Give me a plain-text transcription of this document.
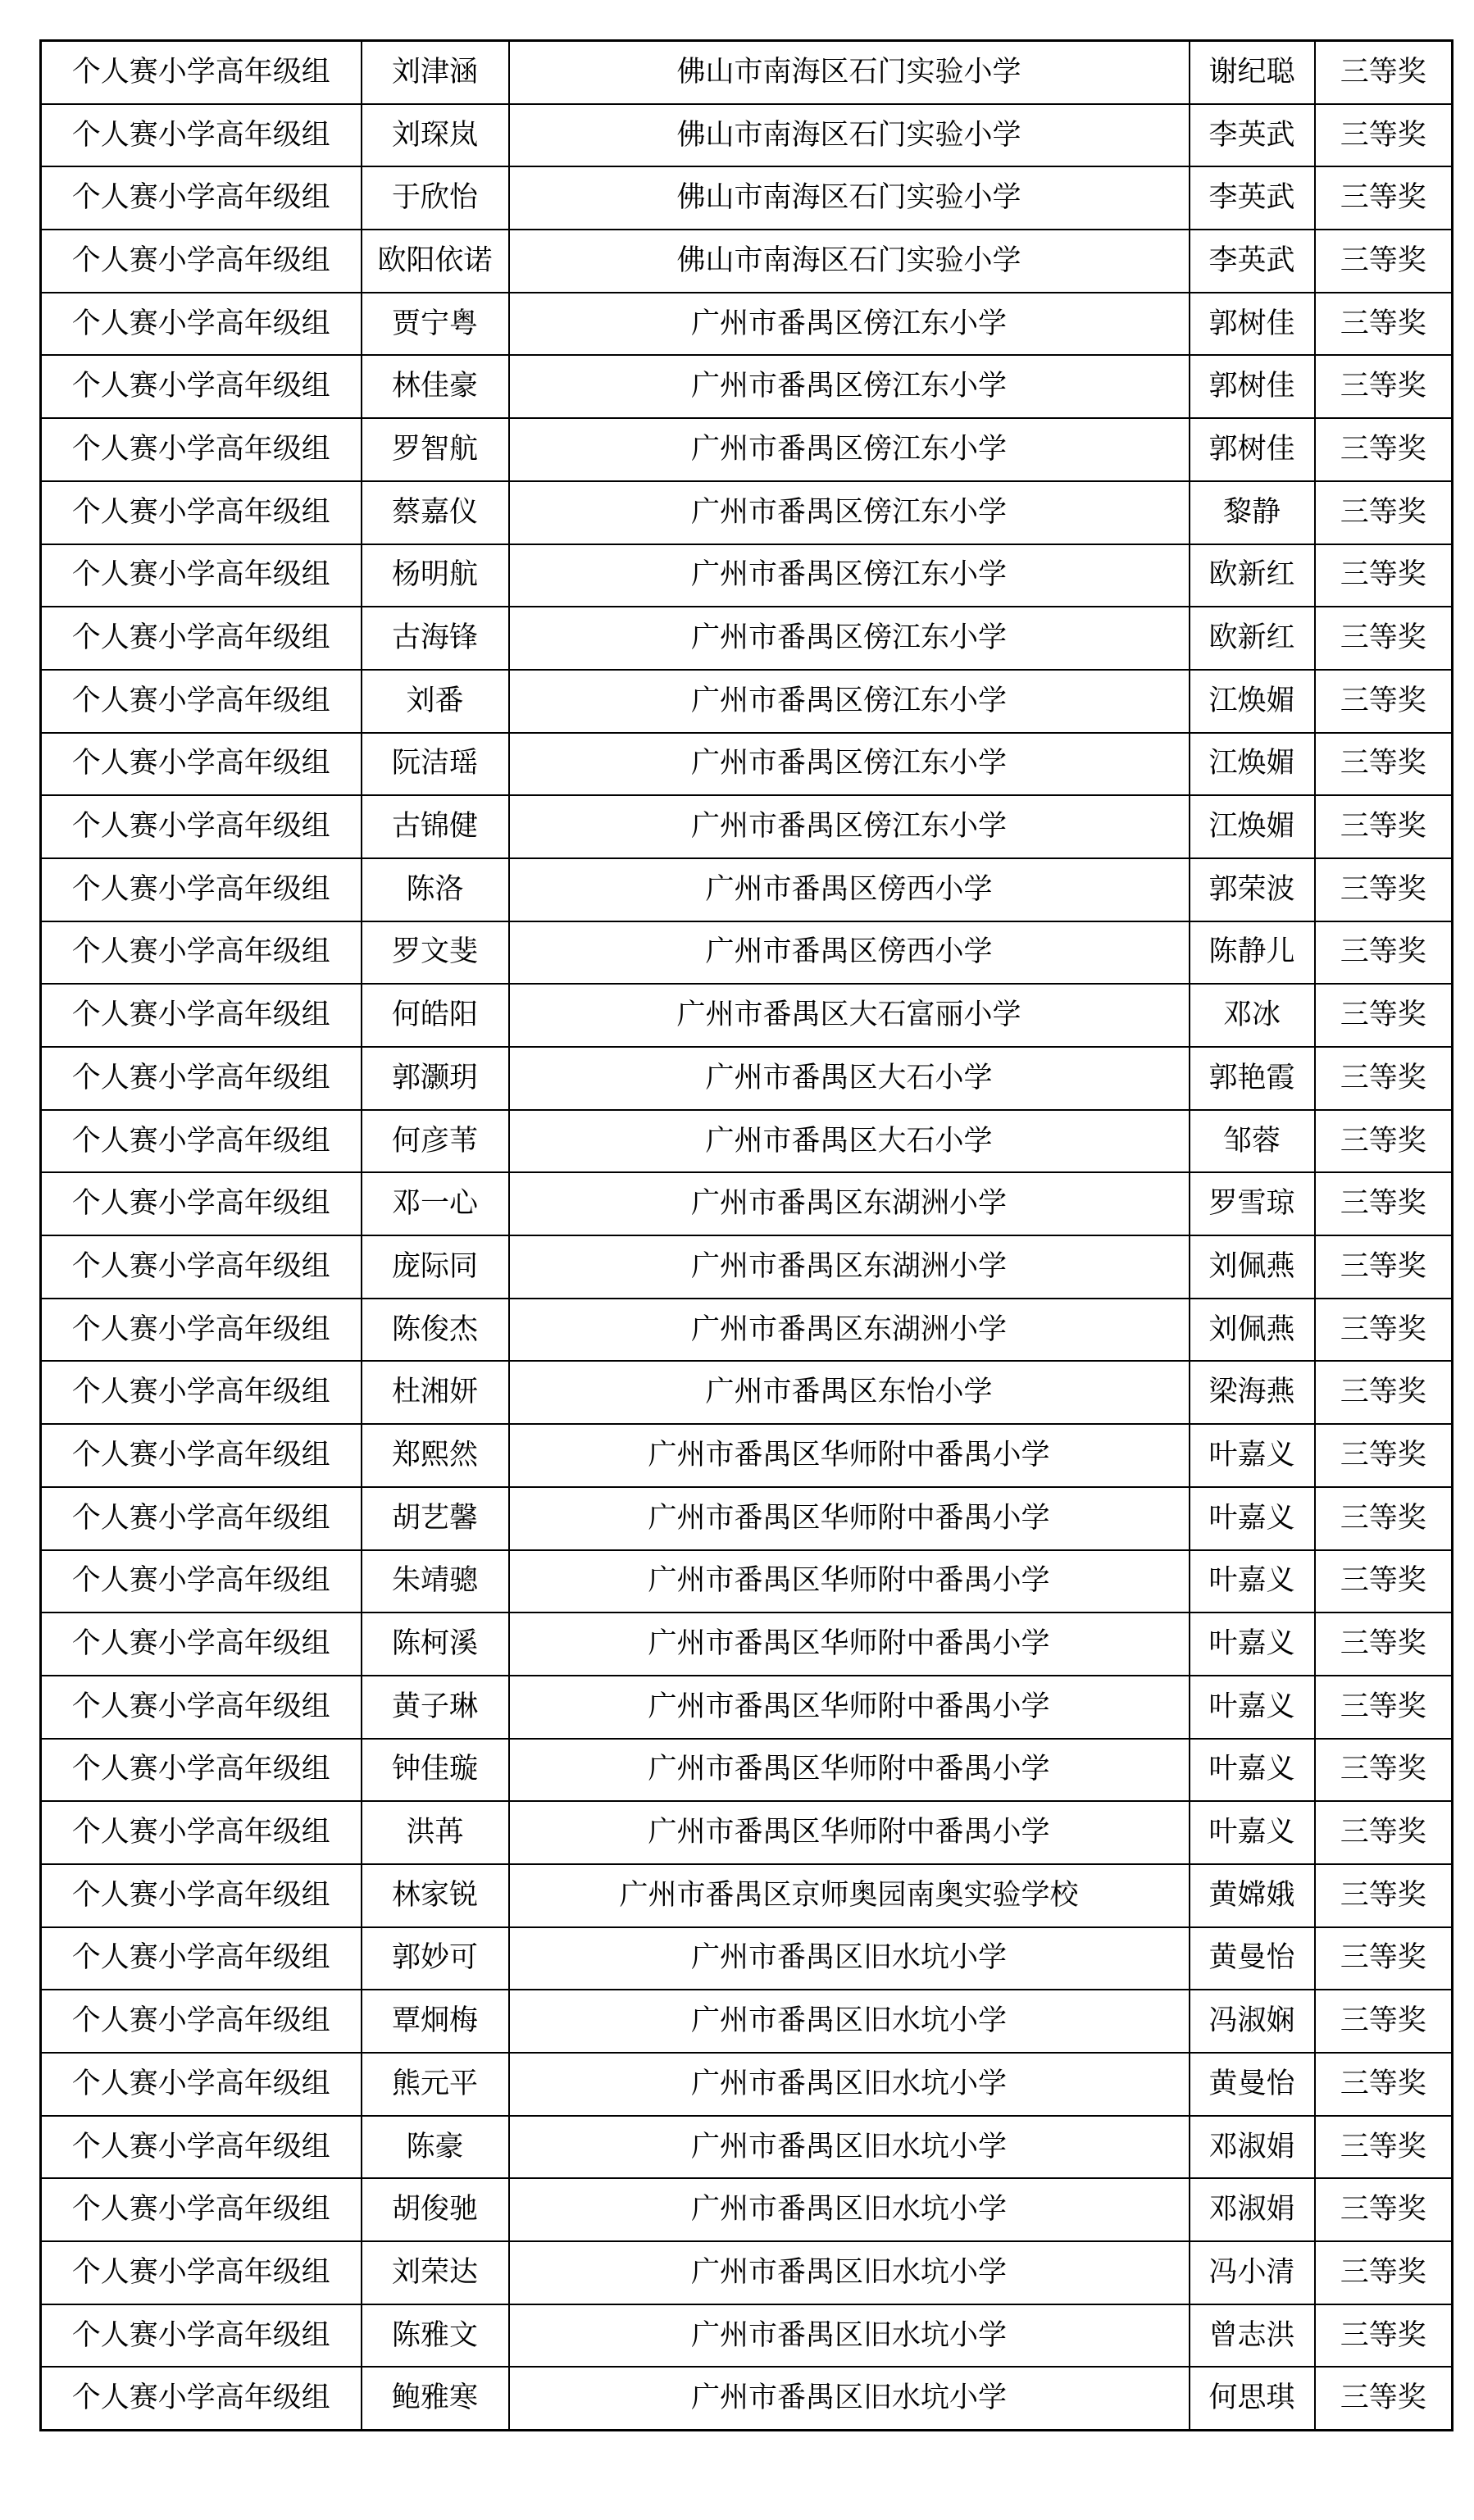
个人赛小学高年级组	刘津涵	佛山市南海区石门实验小学	谢纪聪	三等奖
个人赛小学高年级组	刘琛岚	佛山市南海区石门实验小学	李英武	三等奖
个人赛小学高年级组	于欣怡	佛山市南海区石门实验小学	李英武	三等奖
个人赛小学高年级组	欧阳依诺	佛山市南海区石门实验小学	李英武	三等奖
个人赛小学高年级组	贾宁粤	广州市番禺区傍江东小学	郭树佳	三等奖
个人赛小学高年级组	林佳豪	广州市番禺区傍江东小学	郭树佳	三等奖
个人赛小学高年级组	罗智航	广州市番禺区傍江东小学	郭树佳	三等奖
个人赛小学高年级组	蔡嘉仪	广州市番禺区傍江东小学	黎静	三等奖
个人赛小学高年级组	杨明航	广州市番禺区傍江东小学	欧新红	三等奖
个人赛小学高年级组	古海锋	广州市番禺区傍江东小学	欧新红	三等奖
个人赛小学高年级组	刘番	广州市番禺区傍江东小学	江焕媚	三等奖
个人赛小学高年级组	阮洁瑶	广州市番禺区傍江东小学	江焕媚	三等奖
个人赛小学高年级组	古锦健	广州市番禺区傍江东小学	江焕媚	三等奖
个人赛小学高年级组	陈洛	广州市番禺区傍西小学	郭荣波	三等奖
个人赛小学高年级组	罗文斐	广州市番禺区傍西小学	陈静儿	三等奖
个人赛小学高年级组	何皓阳	广州市番禺区大石富丽小学	邓冰	三等奖
个人赛小学高年级组	郭灏玥	广州市番禺区大石小学	郭艳霞	三等奖
个人赛小学高年级组	何彦苇	广州市番禺区大石小学	邹蓉	三等奖
个人赛小学高年级组	邓一心	广州市番禺区东湖洲小学	罗雪琼	三等奖
个人赛小学高年级组	庞际同	广州市番禺区东湖洲小学	刘佩燕	三等奖
个人赛小学高年级组	陈俊杰	广州市番禺区东湖洲小学	刘佩燕	三等奖
个人赛小学高年级组	杜湘妍	广州市番禺区东怡小学	梁海燕	三等奖
个人赛小学高年级组	郑熙然	广州市番禺区华师附中番禺小学	叶嘉义	三等奖
个人赛小学高年级组	胡艺馨	广州市番禺区华师附中番禺小学	叶嘉义	三等奖
个人赛小学高年级组	朱靖骢	广州市番禺区华师附中番禺小学	叶嘉义	三等奖
个人赛小学高年级组	陈柯溪	广州市番禺区华师附中番禺小学	叶嘉义	三等奖
个人赛小学高年级组	黄子琳	广州市番禺区华师附中番禺小学	叶嘉义	三等奖
个人赛小学高年级组	钟佳璇	广州市番禺区华师附中番禺小学	叶嘉义	三等奖
个人赛小学高年级组	洪苒	广州市番禺区华师附中番禺小学	叶嘉义	三等奖
个人赛小学高年级组	林家锐	广州市番禺区京师奥园南奥实验学校	黄嫦娥	三等奖
个人赛小学高年级组	郭妙可	广州市番禺区旧水坑小学	黄曼怡	三等奖
个人赛小学高年级组	覃炯梅	广州市番禺区旧水坑小学	冯淑娴	三等奖
个人赛小学高年级组	熊元平	广州市番禺区旧水坑小学	黄曼怡	三等奖
个人赛小学高年级组	陈豪	广州市番禺区旧水坑小学	邓淑娟	三等奖
个人赛小学高年级组	胡俊驰	广州市番禺区旧水坑小学	邓淑娟	三等奖
个人赛小学高年级组	刘荣达	广州市番禺区旧水坑小学	冯小清	三等奖
个人赛小学高年级组	陈雅文	广州市番禺区旧水坑小学	曾志洪	三等奖
个人赛小学高年级组	鲍雅寒	广州市番禺区旧水坑小学	何思琪	三等奖
